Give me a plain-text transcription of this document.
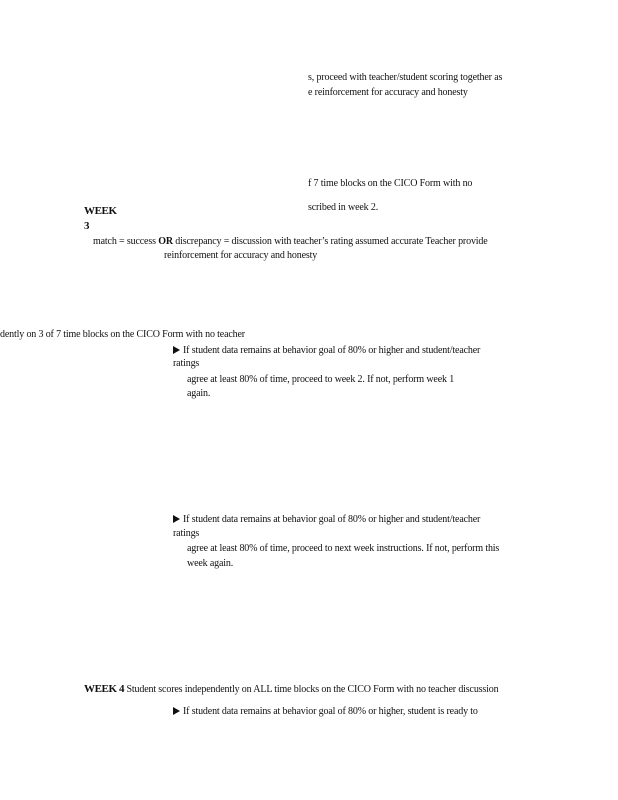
s, proceed with teacher/student scoring together as
e reinforcement for accuracy and honesty
f 7 time blocks on the CICO Form with no
scribed in week 2.
WEEK
3
match = success OR discrepancy = discussion with teacher’s rating assumed accurate Teacher provide
reinforcement for accuracy and honesty
dently on 3 of 7 time blocks on the CICO Form with no teacher
If student data remains at behavior goal of 80% or higher and student/teacher
ratings
agree at least 80% of time, proceed to week 2. If not, perform week 1
again.
If student data remains at behavior goal of 80% or higher and student/teacher
ratings
agree at least 80% of time, proceed to next week instructions. If not, perform this
week again.
WEEK 4 Student scores independently on ALL time blocks on the CICO Form with no teacher discussion
If student data remains at behavior goal of 80% or higher, student is ready to
